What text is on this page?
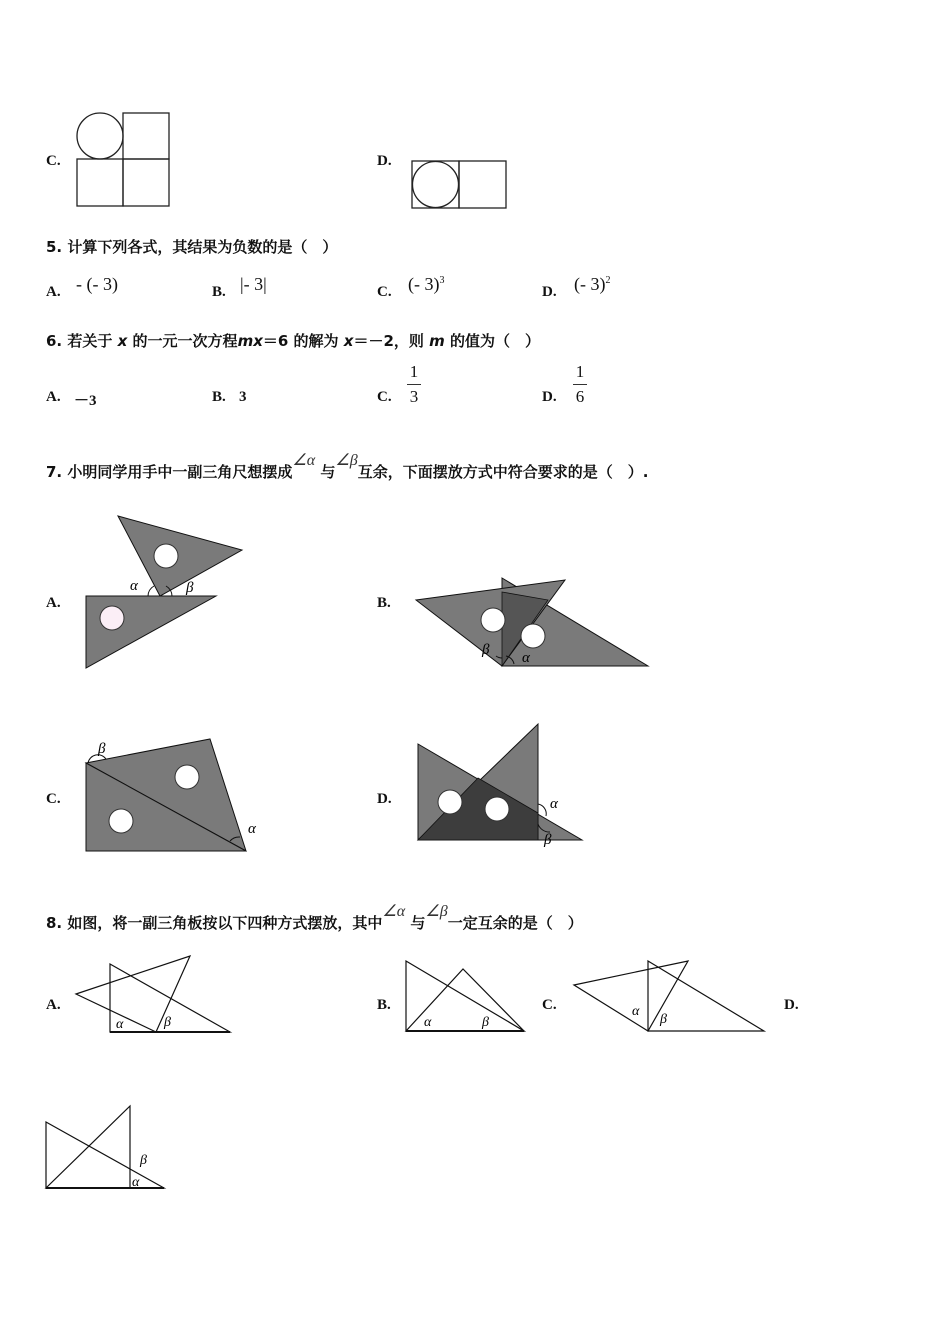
C.	D.
5. 计算下列各式，其结果为负数的是（　）
A. - (- 3)	B. |- 3|	C. (- 3)$^3$
D. (- 3)$^2$
6. 若关于 x 的一元一次方程mx＝6 的解为 x＝－2，则 m 的值为（　）
A. －3	B. 3	C.
1
3	D.
1
6
7. 小明同学用手中一副三角尺想摆成∠α 与∠β互余，下面摆放方式中符合要求的是（　）.
A.
α	β
B.
β α
C.
β
α
D.	α
β
8. 如图，将一副三角板按以下四种方式摆放，其中∠α 与∠β一定互余的是（　）
A.
α	β
B.
α	β
C.	α
β
D.
β
α
